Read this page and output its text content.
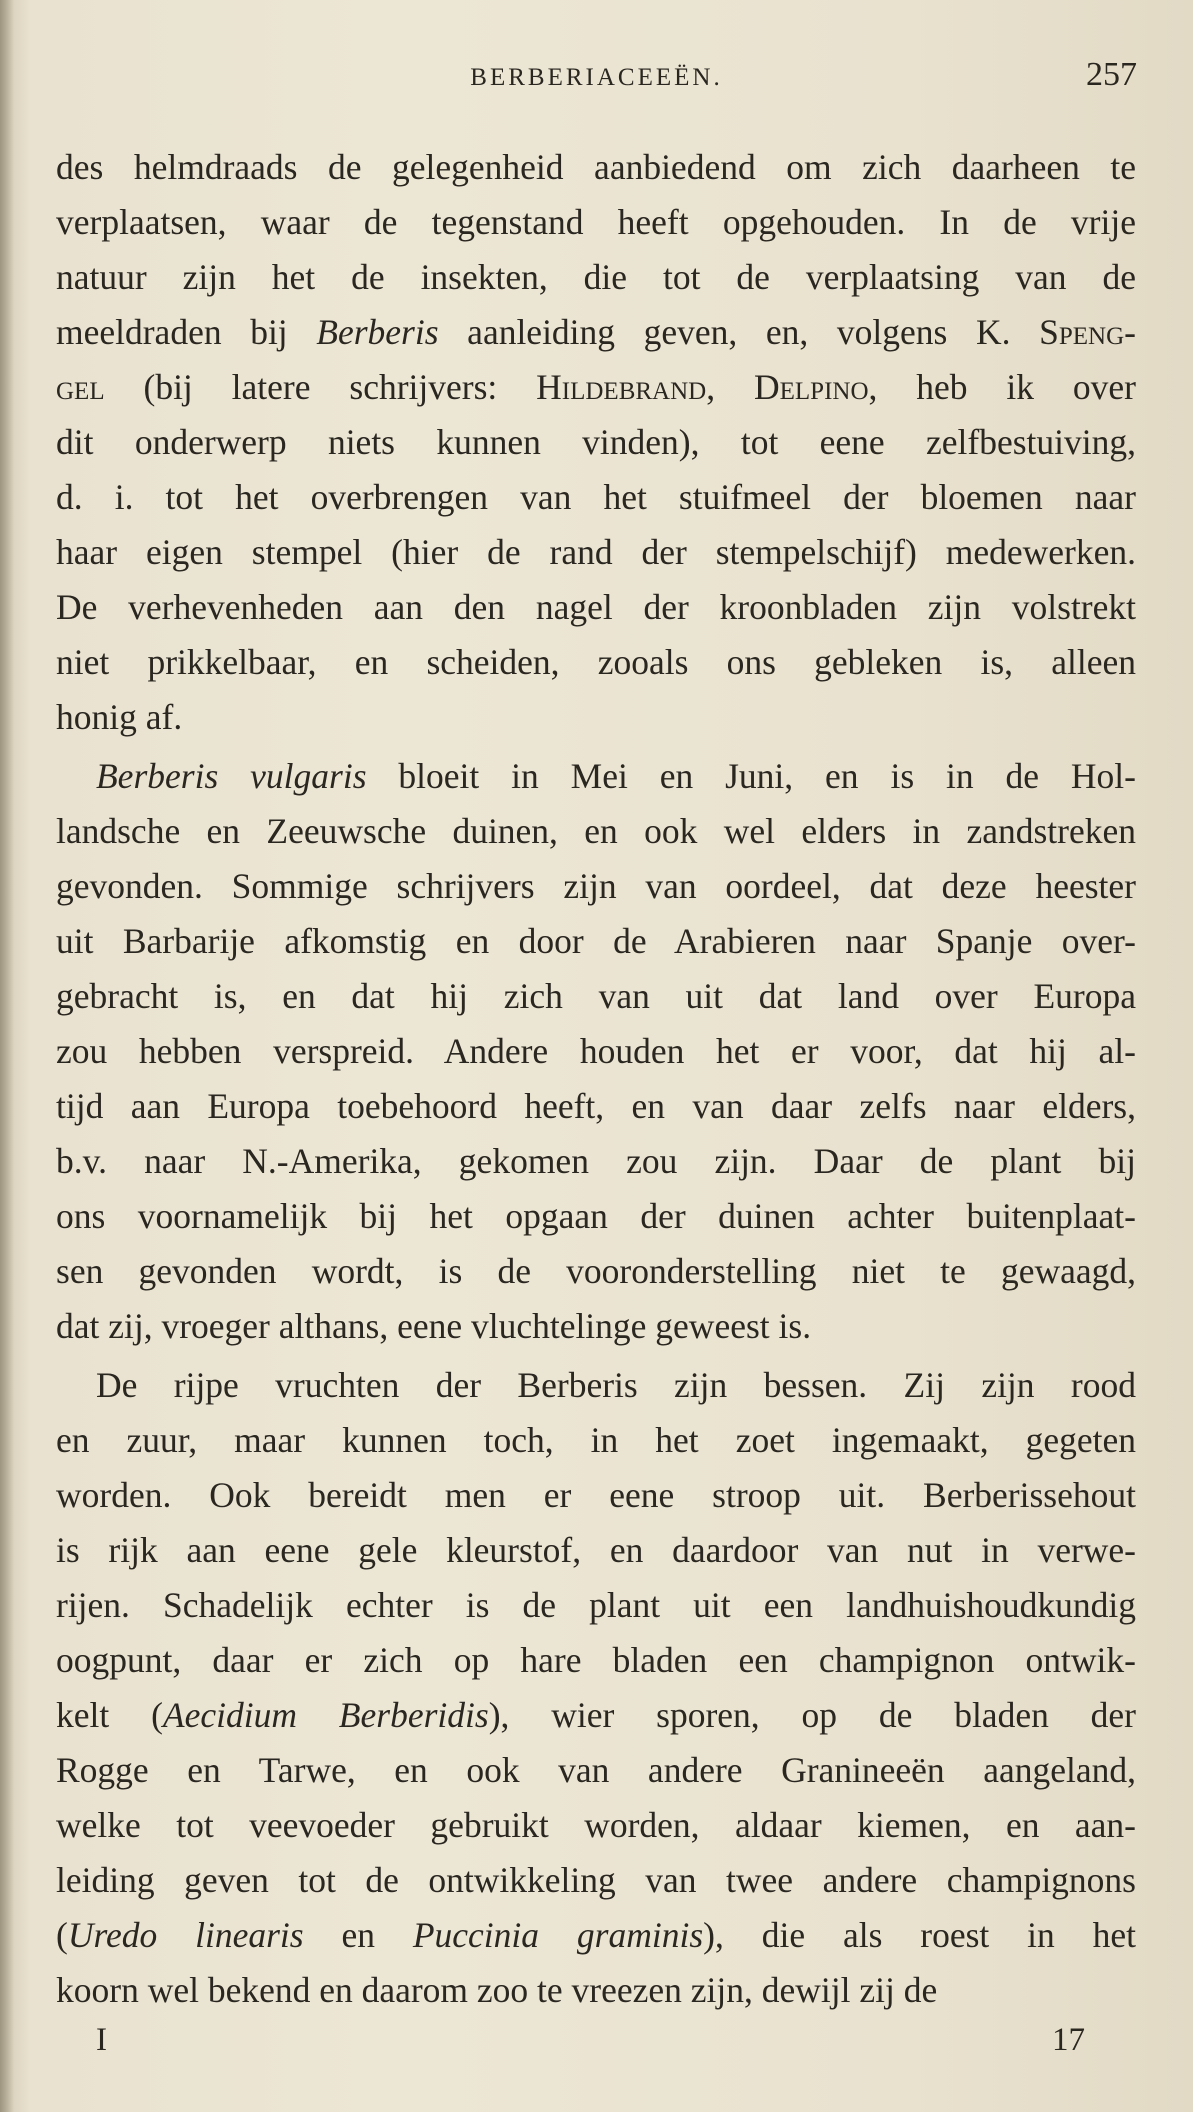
BERBERIACEEËN.	257
des helmdraads de gelegenheid aanbiedend om zich daarheen te
verplaatsen, waar de tegenstand heeft opgehouden. In de vrije
natuur zijn het de insekten, die tot de verplaatsing van de
meeldraden bij Berberis aanleiding geven, en, volgens K. Speng-
gel (bij latere schrijvers: Hildebrand, Delpino, heb ik over
dit onderwerp niets kunnen vinden), tot eene zelfbestuiving,
d. i. tot het overbrengen van het stuifmeel der bloemen naar
haar eigen stempel (hier de rand der stempelschijf) medewerken.
De verhevenheden aan den nagel der kroonbladen zijn volstrekt
niet prikkelbaar, en scheiden, zooals ons gebleken is, alleen
honig af.
Berberis vulgaris bloeit in Mei en Juni, en is in de Hol-
landsche en Zeeuwsche duinen, en ook wel elders in zandstreken
gevonden. Sommige schrijvers zijn van oordeel, dat deze heester
uit Barbarije afkomstig en door de Arabieren naar Spanje over-
gebracht is, en dat hij zich van uit dat land over Europa
zou hebben verspreid. Andere houden het er voor, dat hij al-
tijd aan Europa toebehoord heeft, en van daar zelfs naar elders,
b.v. naar N.-Amerika, gekomen zou zijn. Daar de plant bij
ons voornamelijk bij het opgaan der duinen achter buitenplaat-
sen gevonden wordt, is de vooronderstelling niet te gewaagd,
dat zij, vroeger althans, eene vluchtelinge geweest is.
De rijpe vruchten der Berberis zijn bessen. Zij zijn rood
en zuur, maar kunnen toch, in het zoet ingemaakt, gegeten
worden. Ook bereidt men er eene stroop uit. Berberissehout
is rijk aan eene gele kleurstof, en daardoor van nut in verwe-
rijen. Schadelijk echter is de plant uit een landhuishoudkundig
oogpunt, daar er zich op hare bladen een champignon ontwik-
kelt (Aecidium Berberidis), wier sporen, op de bladen der
Rogge en Tarwe, en ook van andere Granineeën aangeland,
welke tot veevoeder gebruikt worden, aldaar kiemen, en aan-
leiding geven tot de ontwikkeling van twee andere champignons
(Uredo linearis en Puccinia graminis), die als roest in het
koorn wel bekend en daarom zoo te vreezen zijn, dewijl zij de
I	17
